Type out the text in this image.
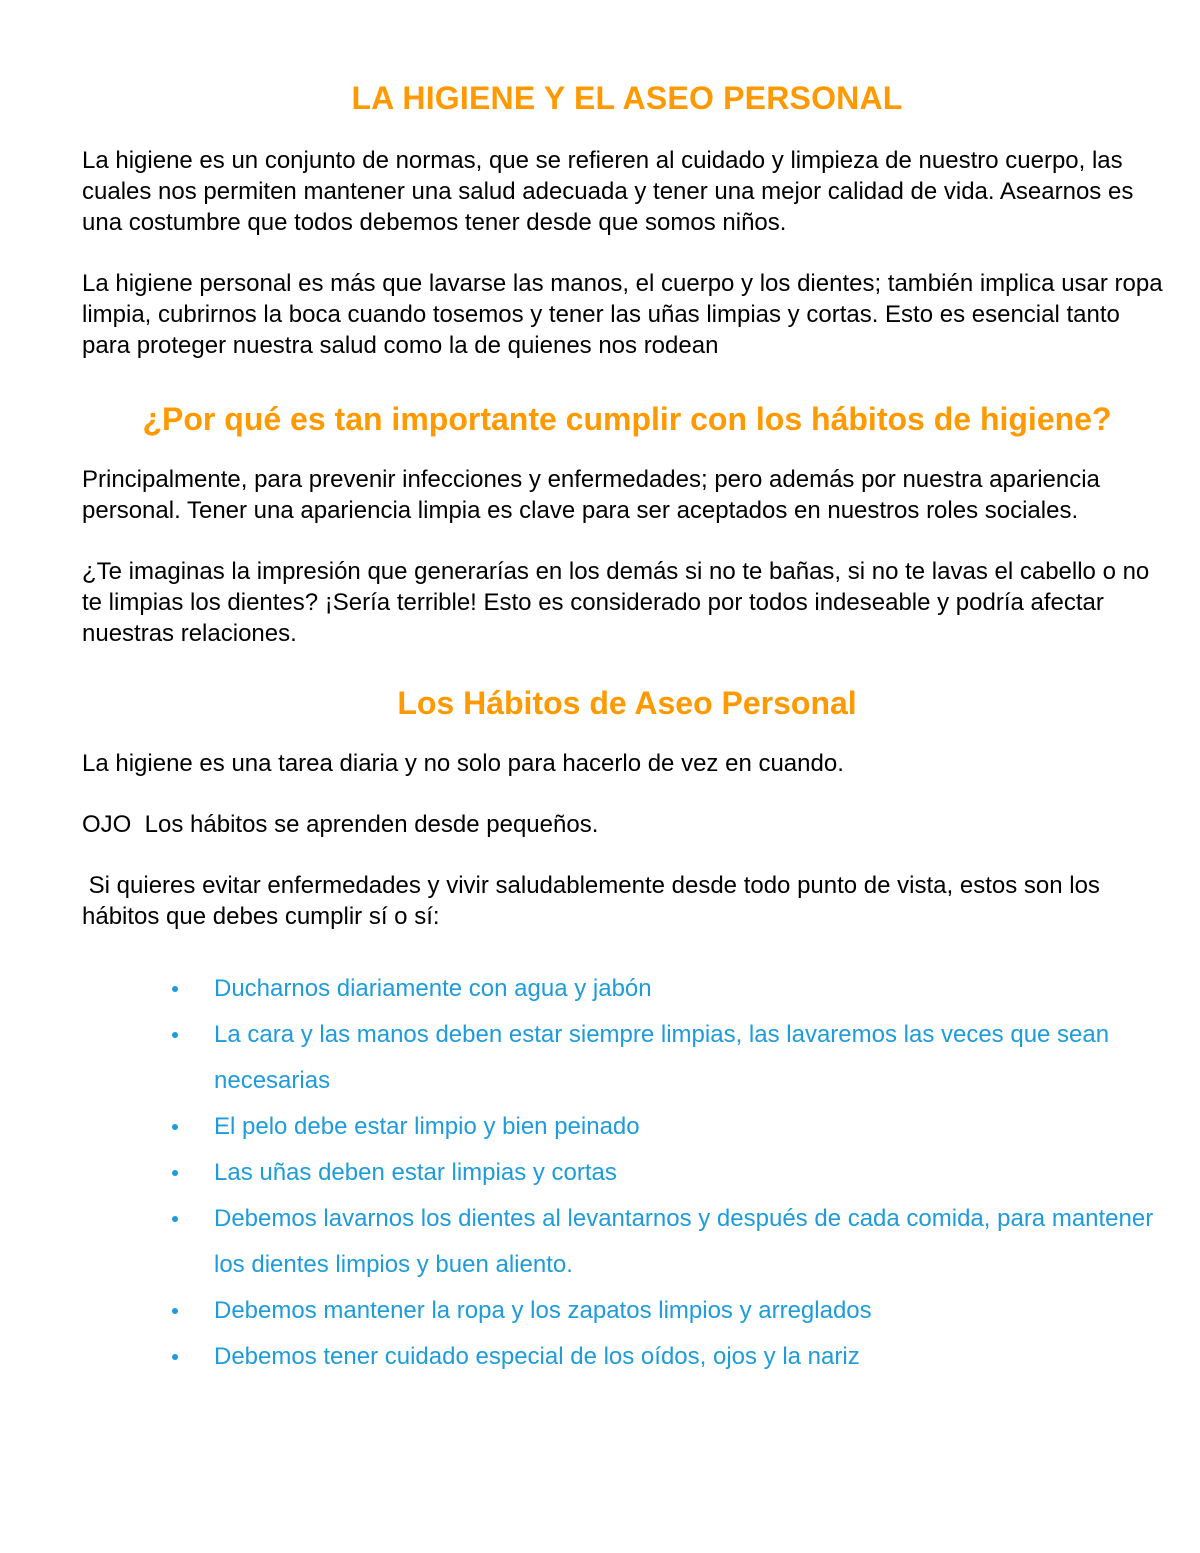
LA HIGIENE Y EL ASEO PERSONAL

La higiene es un conjunto de normas, que se refieren al cuidado y limpieza de nuestro cuerpo, las cuales nos permiten mantener una salud adecuada y tener una mejor calidad de vida. Asearnos es una costumbre que todos debemos tener desde que somos niños.

La higiene personal es más que lavarse las manos, el cuerpo y los dientes; también implica usar ropa limpia, cubrirnos la boca cuando tosemos y tener las uñas limpias y cortas. Esto es esencial tanto para proteger nuestra salud como la de quienes nos rodean

¿Por qué es tan importante cumplir con los hábitos de higiene?

Principalmente, para prevenir infecciones y enfermedades; pero además por nuestra apariencia personal. Tener una apariencia limpia es clave para ser aceptados en nuestros roles sociales.

¿Te imaginas la impresión que generarías en los demás si no te bañas, si no te lavas el cabello o no te limpias los dientes? ¡Sería terrible! Esto es considerado por todos indeseable y podría afectar nuestras relaciones.

Los Hábitos de Aseo Personal

La higiene es una tarea diaria y no solo para hacerlo de vez en cuando.

OJO  Los hábitos se aprenden desde pequeños.

Si quieres evitar enfermedades y vivir saludablemente desde todo punto de vista, estos son los hábitos que debes cumplir sí o sí:

Ducharnos diariamente con agua y jabón
La cara y las manos deben estar siempre limpias, las lavaremos las veces que sean necesarias
El pelo debe estar limpio y bien peinado
Las uñas deben estar limpias y cortas
Debemos lavarnos los dientes al levantarnos y después de cada comida, para mantener los dientes limpios y buen aliento.
Debemos mantener la ropa y los zapatos limpios y arreglados
Debemos tener cuidado especial de los oídos, ojos y la nariz
